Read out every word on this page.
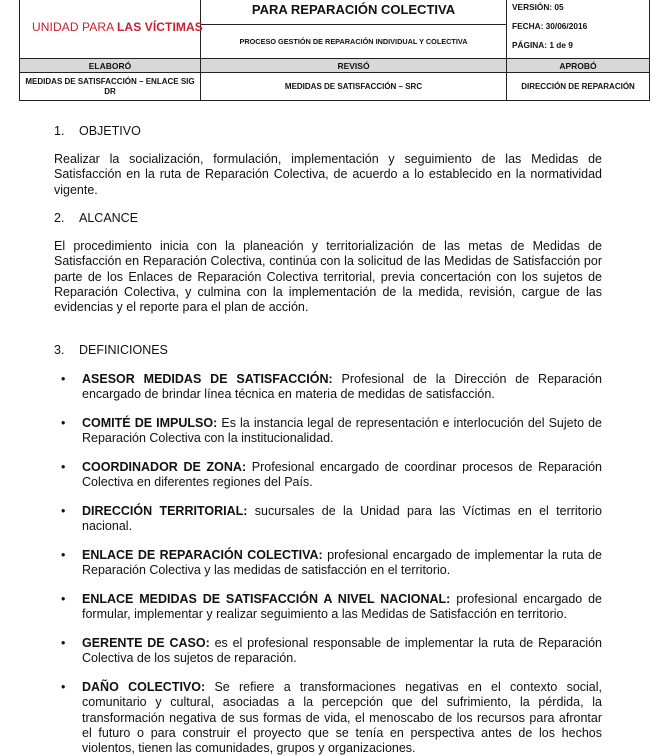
UNIDAD PARA LAS VÍCTIMAS	PARA REPARACIÓN COLECTIVA	VERSIÓN: 05
FECHA: 30/06/2016
PÁGINA: 1 de 9

	PROCESO GESTIÓN DE REPARACIÓN INDIVIDUAL Y COLECTIVA	
ELABORÓ	REVISÓ	APROBÓ
MEDIDAS DE SATISFACCIÓN – ENLACE SIG DR	MEDIDAS DE SATISFACCIÓN – SRC	DIRECCIÓN DE REPARACIÓN

1. OBJETIVO

Realizar la socialización, formulación, implementación y seguimiento de las Medidas de Satisfacción en la ruta de Reparación Colectiva, de acuerdo a lo establecido en la normatividad vigente.

2. ALCANCE

El procedimiento inicia con la planeación y territorialización de las metas de Medidas de Satisfacción en Reparación Colectiva, continúa con la solicitud de las Medidas de Satisfacción por parte de los Enlaces de Reparación Colectiva territorial, previa concertación con los sujetos de Reparación Colectiva, y culmina con la implementación de la medida, revisión, cargue de las evidencias y el reporte para el plan de acción.

3. DEFINICIONES

• ASESOR MEDIDAS DE SATISFACCIÓN: Profesional de la Dirección de Reparación encargado de brindar línea técnica en materia de medidas de satisfacción.

• COMITÉ DE IMPULSO: Es la instancia legal de representación e interlocución del Sujeto de Reparación Colectiva con la institucionalidad.

• COORDINADOR DE ZONA: Profesional encargado de coordinar procesos de Reparación Colectiva en diferentes regiones del País.

• DIRECCIÓN TERRITORIAL: sucursales de la Unidad para las Víctimas en el territorio nacional.

• ENLACE DE REPARACIÓN COLECTIVA: profesional encargado de implementar la ruta de Reparación Colectiva y las medidas de satisfacción en el territorio.

• ENLACE MEDIDAS DE SATISFACCIÓN A NIVEL NACIONAL: profesional encargado de formular, implementar y realizar seguimiento a las Medidas de Satisfacción en territorio.

• GERENTE DE CASO: es el profesional responsable de implementar la ruta de Reparación Colectiva de los sujetos de reparación.

• DAÑO COLECTIVO: Se refiere a transformaciones negativas en el contexto social, comunitario y cultural, asociadas a la percepción que del sufrimiento, la pérdida, la transformación negativa de sus formas de vida, el menoscabo de los recursos para afrontar el futuro o para construir el proyecto que se tenía en perspectiva antes de los hechos violentos, tienen las comunidades, grupos y organizaciones.
